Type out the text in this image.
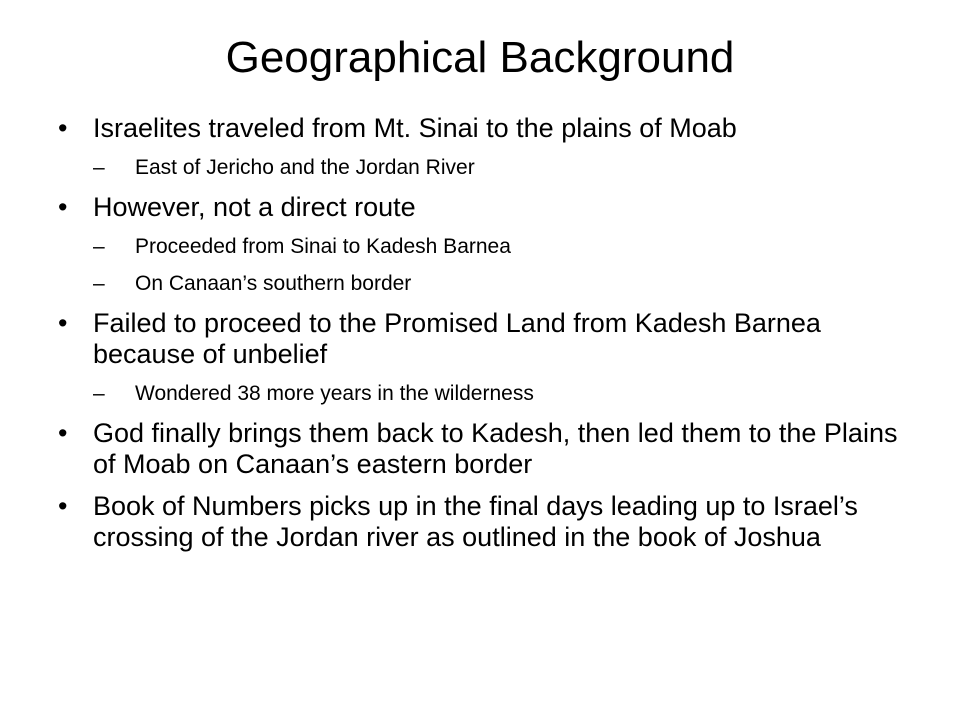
Geographical Background
• Israelites traveled from Mt. Sinai to the plains of Moab
– East of Jericho and the Jordan River
• However, not a direct route
– Proceeded from Sinai to Kadesh Barnea
– On Canaan’s southern border
• Failed to proceed to the Promised Land from Kadesh Barnea because of unbelief
– Wondered 38 more years in the wilderness
• God finally brings them back to Kadesh, then led them to the Plains of Moab on Canaan’s eastern border
• Book of Numbers picks up in the final days leading up to Israel’s crossing of the Jordan river as outlined in the book of Joshua
